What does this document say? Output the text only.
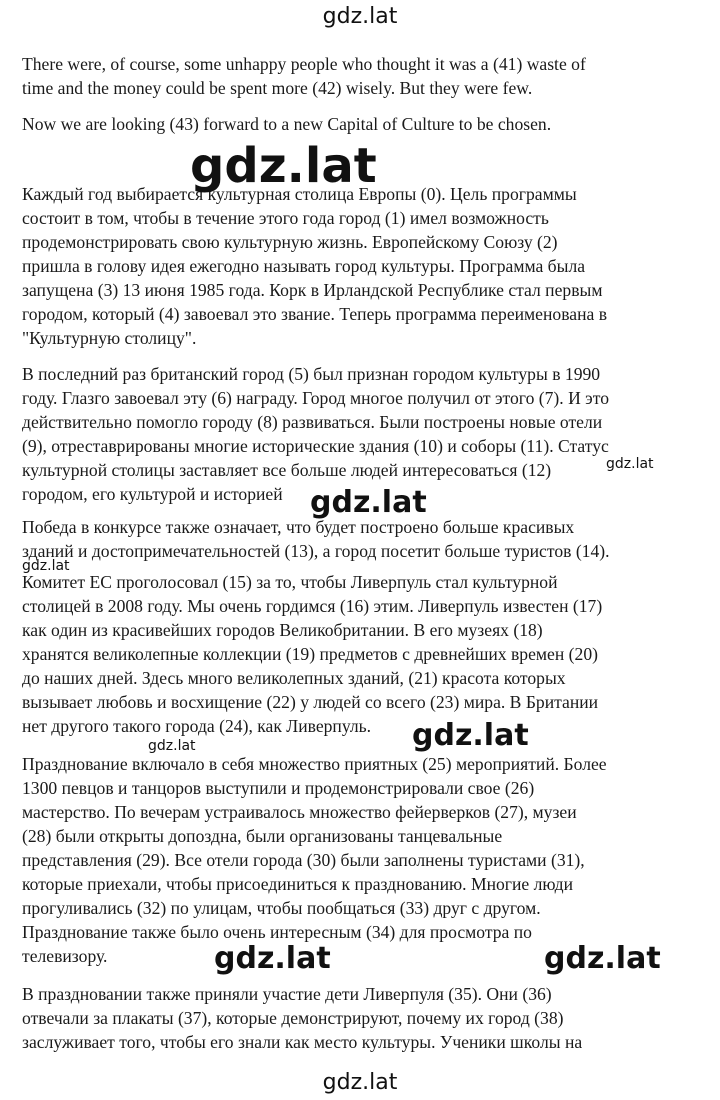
gdz.lat

There were, of course, some unhappy people who thought it was a (41) waste of
time and the money could be spent more (42) wisely. But they were few.

Now we are looking (43) forward to a new Capital of Culture to be chosen.

Каждый год выбирается культурная столица Европы (0). Цель программы
состоит в том, чтобы в течение этого года город (1) имел возможность
продемонстрировать свою культурную жизнь. Европейскому Союзу (2)
пришла в голову идея ежегодно называть город культуры. Программа была
запущена (3) 13 июня 1985 года. Корк в Ирландской Республике стал первым
городом, который (4) завоевал это звание. Теперь программа переименована в
"Культурную столицу".

В последний раз британский город (5) был признан городом культуры в 1990
году. Глазго завоевал эту (6) награду. Город многое получил от этого (7). И это
действительно помогло городу (8) развиваться. Были построены новые отели
(9), отреставрированы многие исторические здания (10) и соборы (11). Статус
культурной столицы заставляет все больше людей интересоваться (12)
городом, его культурой и историей

Победа в конкурсе также означает, что будет построено больше красивых
зданий и достопримечательностей (13), а город посетит больше туристов (14).

Комитет ЕС проголосовал (15) за то, чтобы Ливерпуль стал культурной
столицей в 2008 году. Мы очень гордимся (16) этим. Ливерпуль известен (17)
как один из красивейших городов Великобритании. В его музеях (18)
хранятся великолепные коллекции (19) предметов с древнейших времен (20)
до наших дней. Здесь много великолепных зданий, (21) красота которых
вызывает любовь и восхищение (22) у людей со всего (23) мира. В Британии
нет другого такого города (24), как Ливерпуль.

Празднование включало в себя множество приятных (25) мероприятий. Более
1300 певцов и танцоров выступили и продемонстрировали свое (26)
мастерство. По вечерам устраивалось множество фейерверков (27), музеи
(28) были открыты допоздна, были организованы танцевальные
представления (29). Все отели города (30) были заполнены туристами (31),
которые приехали, чтобы присоединиться к празднованию. Многие люди
прогуливались (32) по улицам, чтобы пообщаться (33) друг с другом.
Празднование также было очень интересным (34) для просмотра по
телевизору.

В праздновании также приняли участие дети Ливерпуля (35). Они (36)
отвечали за плакаты (37), которые демонстрируют, почему их город (38)
заслуживает того, чтобы его знали как место культуры. Ученики школы на

gdz.lat
gdz.lat
gdz.lat
gdz.lat
gdz.lat	gdz.lat
gdz.lat	gdz.lat
gdz.lat
